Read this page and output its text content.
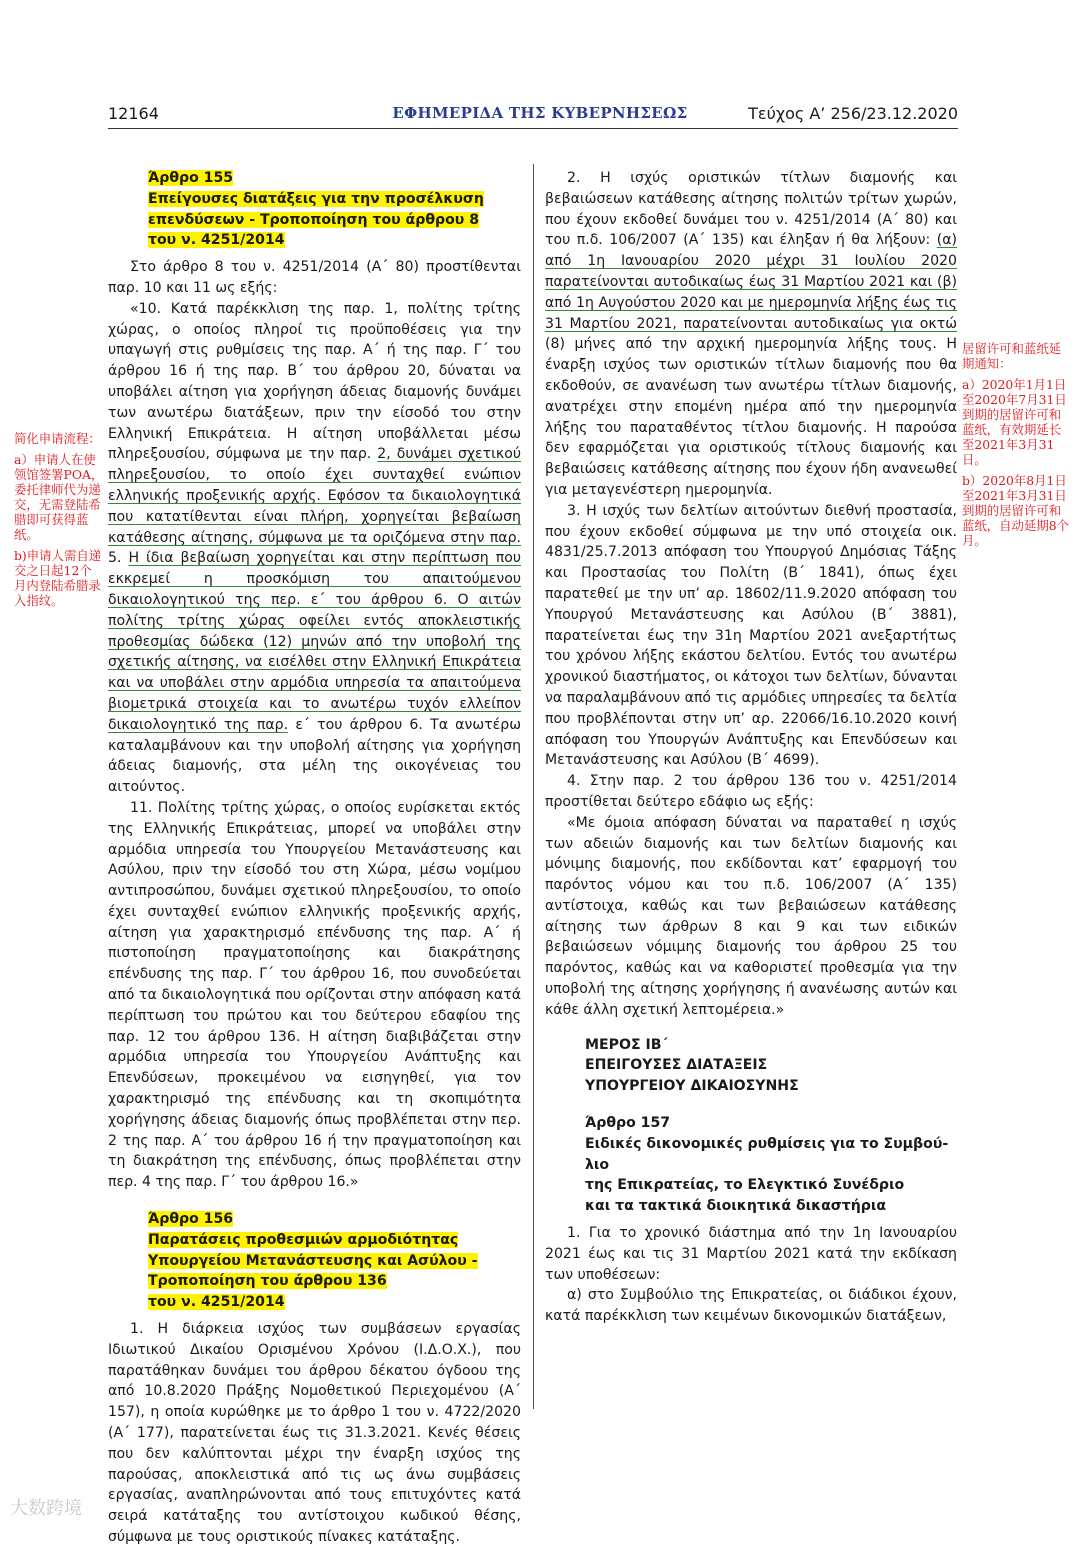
12164	ΕΦΗΜΕΡΙΔΑ ΤΗΣ ΚΥΒΕΡΝΗΣΕΩΣ	Τεύχος A’ 256/23.12.2020

Άρθρο 155
Επείγουσες διατάξεις για την προσέλκυση
επενδύσεων - Τροποποίηση του άρθρου 8
του ν. 4251/2014

Στο άρθρο 8 του ν. 4251/2014 (Α΄ 80) προστίθενται παρ. 10 και 11 ως εξής:

«10. Κατά παρέκκλιση της παρ. 1, πολίτης τρίτης χώρας, ο οποίος πληροί τις προϋποθέσεις για την υπαγωγή στις ρυθμίσεις της παρ. Α΄ ή της παρ. Γ΄ του άρθρου 16 ή της παρ. Β΄ του άρθρου 20, δύναται να υποβάλει αίτηση για χορήγηση άδειας διαμονής δυνάμει των ανωτέρω διατάξεων, πριν την είσοδό του στην Ελληνική Επικράτεια. Η αίτηση υποβάλλεται μέσω πληρεξουσίου, σύμφωνα με την παρ. 2, δυνάμει σχετικού πληρεξουσίου, το οποίο έχει συνταχθεί ενώπιον ελληνικής προξενικής αρχής. Εφόσον τα δικαιολογητικά που κατατίθενται είναι πλήρη, χορηγείται βεβαίωση κατάθεσης αίτησης, σύμφωνα με τα οριζόμενα στην παρ. 5. Η ίδια βεβαίωση χορηγείται και στην περίπτωση που εκκρεμεί η προσκόμιση του απαιτούμενου δικαιολογητικού της περ. ε΄ του άρθρου 6. Ο αιτών πολίτης τρίτης χώρας οφείλει εντός αποκλειστικής προθεσμίας δώδεκα (12) μηνών από την υποβολή της σχετικής αίτησης, να εισέλθει στην Ελληνική Επικράτεια και να υποβάλει στην αρμόδια υπηρεσία τα απαιτούμενα βιομετρικά στοιχεία και το ανωτέρω τυχόν ελλείπον δικαιολογητικό της παρ. ε΄ του άρθρου 6. Τα ανωτέρω καταλαμβάνουν και την υποβολή αίτησης για χορήγηση άδειας διαμονής, στα μέλη της οικογένειας του αιτούντος.

11. Πολίτης τρίτης χώρας, ο οποίος ευρίσκεται εκτός της Ελληνικής Επικράτειας, μπορεί να υποβάλει στην αρμόδια υπηρεσία του Υπουργείου Μετανάστευσης και Ασύλου, πριν την είσοδό του στη Χώρα, μέσω νομίμου αντιπροσώπου, δυνάμει σχετικού πληρεξουσίου, το οποίο έχει συνταχθεί ενώπιον ελληνικής προξενικής αρχής, αίτηση για χαρακτηρισμό επένδυσης της παρ. Α΄ ή πιστοποίηση πραγματοποίησης και διακράτησης επένδυσης της παρ. Γ΄ του άρθρου 16, που συνοδεύεται από τα δικαιολογητικά που ορίζονται στην απόφαση κατά περίπτωση του πρώτου και του δεύτερου εδαφίου της παρ. 12 του άρθρου 136. Η αίτηση διαβιβάζεται στην αρμόδια υπηρεσία του Υπουργείου Ανάπτυξης και Επενδύσεων, προκειμένου να εισηγηθεί, για τον χαρακτηρισμό της επένδυσης και τη σκοπιμότητα χορήγησης άδειας διαμονής όπως προβλέπεται στην περ. 2 της παρ. Α΄ του άρθρου 16 ή την πραγματοποίηση και τη διακράτηση της επένδυσης, όπως προβλέπεται στην περ. 4 της παρ. Γ΄ του άρθρου 16.»

Άρθρο 156
Παρατάσεις προθεσμιών αρμοδιότητας
Υπουργείου Μετανάστευσης και Ασύλου -
Τροποποίηση του άρθρου 136
του ν. 4251/2014

1. Η διάρκεια ισχύος των συμβάσεων εργασίας Ιδιωτικού Δικαίου Ορισμένου Χρόνου (Ι.Δ.Ο.Χ.), που παρατάθηκαν δυνάμει του άρθρου δέκατου όγδοου της από 10.8.2020 Πράξης Νομοθετικού Περιεχομένου (Α΄ 157), η οποία κυρώθηκε με το άρθρο 1 του ν. 4722/2020 (Α΄ 177), παρατείνεται έως τις 31.3.2021. Κενές θέσεις που δεν καλύπτονται μέχρι την έναρξη ισχύος της παρούσας, αποκλειστικά από τις ως άνω συμβάσεις εργασίας, αναπληρώνονται από τους επιτυχόντες κατά σειρά κατάταξης του αντίστοιχου κωδικού θέσης, σύμφωνα με τους οριστικούς πίνακες κατάταξης.

2. Η ισχύς οριστικών τίτλων διαμονής και βεβαιώσεων κατάθεσης αίτησης πολιτών τρίτων χωρών, που έχουν εκδοθεί δυνάμει του ν. 4251/2014 (Α΄ 80) και του π.δ. 106/2007 (Α΄ 135) και έληξαν ή θα λήξουν: (α) από 1η Ιανουαρίου 2020 μέχρι 31 Ιουλίου 2020 παρατείνονται αυτοδικαίως έως 31 Μαρτίου 2021 και (β) από 1η Αυγούστου 2020 και με ημερομηνία λήξης έως τις 31 Μαρτίου 2021, παρατείνονται αυτοδικαίως για οκτώ (8) μήνες από την αρχική ημερομηνία λήξης τους. Η έναρξη ισχύος των οριστικών τίτλων διαμονής που θα εκδοθούν, σε ανανέωση των ανωτέρω τίτλων διαμονής, ανατρέχει στην επομένη ημέρα από την ημερομηνία λήξης του παραταθέντος τίτλου διαμονής. Η παρούσα δεν εφαρμόζεται για οριστικούς τίτλους διαμονής και βεβαιώσεις κατάθεσης αίτησης που έχουν ήδη ανανεωθεί για μεταγενέστερη ημερομηνία.

3. Η ισχύς των δελτίων αιτούντων διεθνή προστασία, που έχουν εκδοθεί σύμφωνα με την υπό στοιχεία οικ. 4831/25.7.2013 απόφαση του Υπουργού Δημόσιας Τάξης και Προστασίας του Πολίτη (Β΄ 1841), όπως έχει παρατεθεί με την υπ’ αρ. 18602/11.9.2020 απόφαση του Υπουργού Μετανάστευσης και Ασύλου (Β΄ 3881), παρατείνεται έως την 31η Μαρτίου 2021 ανεξαρτήτως του χρόνου λήξης εκάστου δελτίου. Εντός του ανωτέρω χρονικού διαστήματος, οι κάτοχοι των δελτίων, δύνανται να παραλαμβάνουν από τις αρμόδιες υπηρεσίες τα δελτία που προβλέπονται στην υπ’ αρ. 22066/16.10.2020 κοινή απόφαση του Υπουργών Ανάπτυξης και Επενδύσεων και Μετανάστευσης και Ασύλου (Β΄ 4699).

4. Στην παρ. 2 του άρθρου 136 του ν. 4251/2014 προστίθεται δεύτερο εδάφιο ως εξής:

«Με όμοια απόφαση δύναται να παραταθεί η ισχύς των αδειών διαμονής και των δελτίων διαμονής και μόνιμης διαμονής, που εκδίδονται κατ’ εφαρμογή του παρόντος νόμου και του π.δ. 106/2007 (Α΄ 135) αντίστοιχα, καθώς και των βεβαιώσεων κατάθεσης αίτησης των άρθρων 8 και 9 και των ειδικών βεβαιώσεων νόμιμης διαμονής του άρθρου 25 του παρόντος, καθώς και να καθοριστεί προθεσμία για την υποβολή της αίτησης χορήγησης ή ανανέωσης αυτών και κάθε άλλη σχετική λεπτομέρεια.»

ΜΕΡΟΣ ΙΒ΄
ΕΠΕΙΓΟΥΣΕΣ ΔΙΑΤΑΞΕΙΣ
ΥΠΟΥΡΓΕΙΟΥ ΔΙΚΑΙΟΣΥΝΗΣ

Άρθρο 157
Ειδικές δικονομικές ρυθμίσεις για το Συμβού-
λιο
της Επικρατείας, το Ελεγκτικό Συνέδριο
και τα τακτικά διοικητικά δικαστήρια

1. Για το χρονικό διάστημα από την 1η Ιανουαρίου 2021 έως και τις 31 Μαρτίου 2021 κατά την εκδίκαση των υποθέσεων:

α) στο Συμβούλιο της Επικρατείας, οι διάδικοι έχουν, κατά παρέκκλιση των κειμένων δικονομικών διατάξεων,

简化申请流程：

a）申请人在使领馆签署POA，委托律师代为递交，无需登陆希腊即可获得蓝纸。

b)申请人需自递交之日起12个月内登陆希腊录入指纹。

居留许可和蓝纸延期通知：

a）2020年1月1日至2020年7月31日到期的居留许可和蓝纸，有效期延长至2021年3月31日。

b）2020年8月1日至2021年3月31日到期的居留许可和蓝纸，自动延期8个月。

大数跨境
